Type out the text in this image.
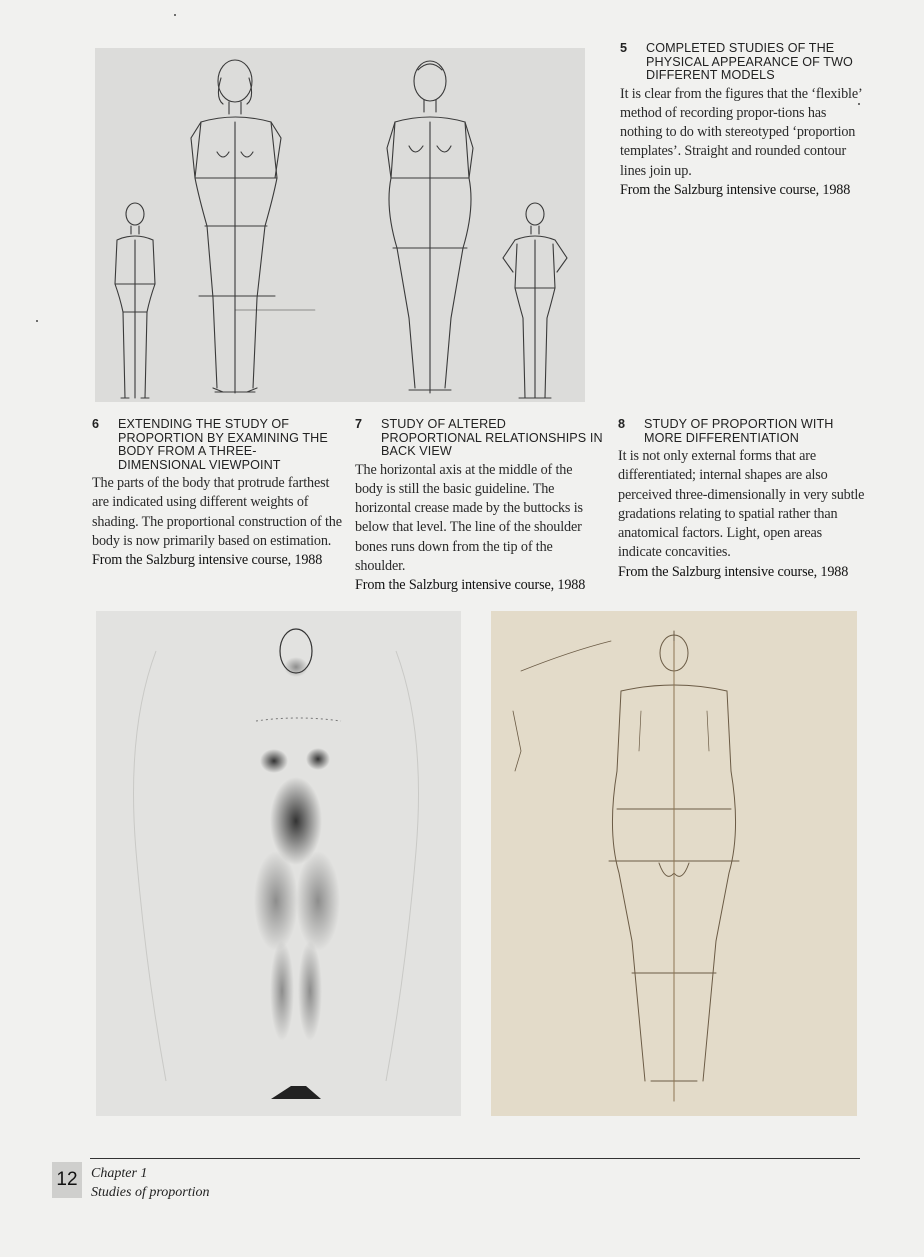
5 COMPLETED STUDIES OF THE PHYSICAL APPEARANCE OF TWO DIFFERENT MODELS
It is clear from the figures that the ‘flexible’ method of recording propor-tions has nothing to do with stereotyped ‘proportion templates’. Straight and rounded contour lines join up.
From the Salzburg intensive course, 1988
6 EXTENDING THE STUDY OF PROPORTION BY EXAMINING THE BODY FROM A THREE-DIMENSIONAL VIEWPOINT
The parts of the body that protrude farthest are indicated using different weights of shading. The proportional construction of the body is now primarily based on estimation.
From the Salzburg intensive course, 1988
7 STUDY OF ALTERED PROPORTIONAL RELATIONSHIPS IN BACK VIEW
The horizontal axis at the middle of the body is still the basic guideline. The horizontal crease made by the buttocks is below that level. The line of the shoulder bones runs down from the tip of the shoulder.
From the Salzburg intensive course, 1988
8 STUDY OF PROPORTION WITH MORE DIFFERENTIATION
It is not only external forms that are differentiated; internal shapes are also perceived three-dimensionally in very subtle gradations relating to spatial rather than anatomical factors. Light, open areas indicate concavities.
From the Salzburg intensive course, 1988
12 Chapter 1
Studies of proportion
